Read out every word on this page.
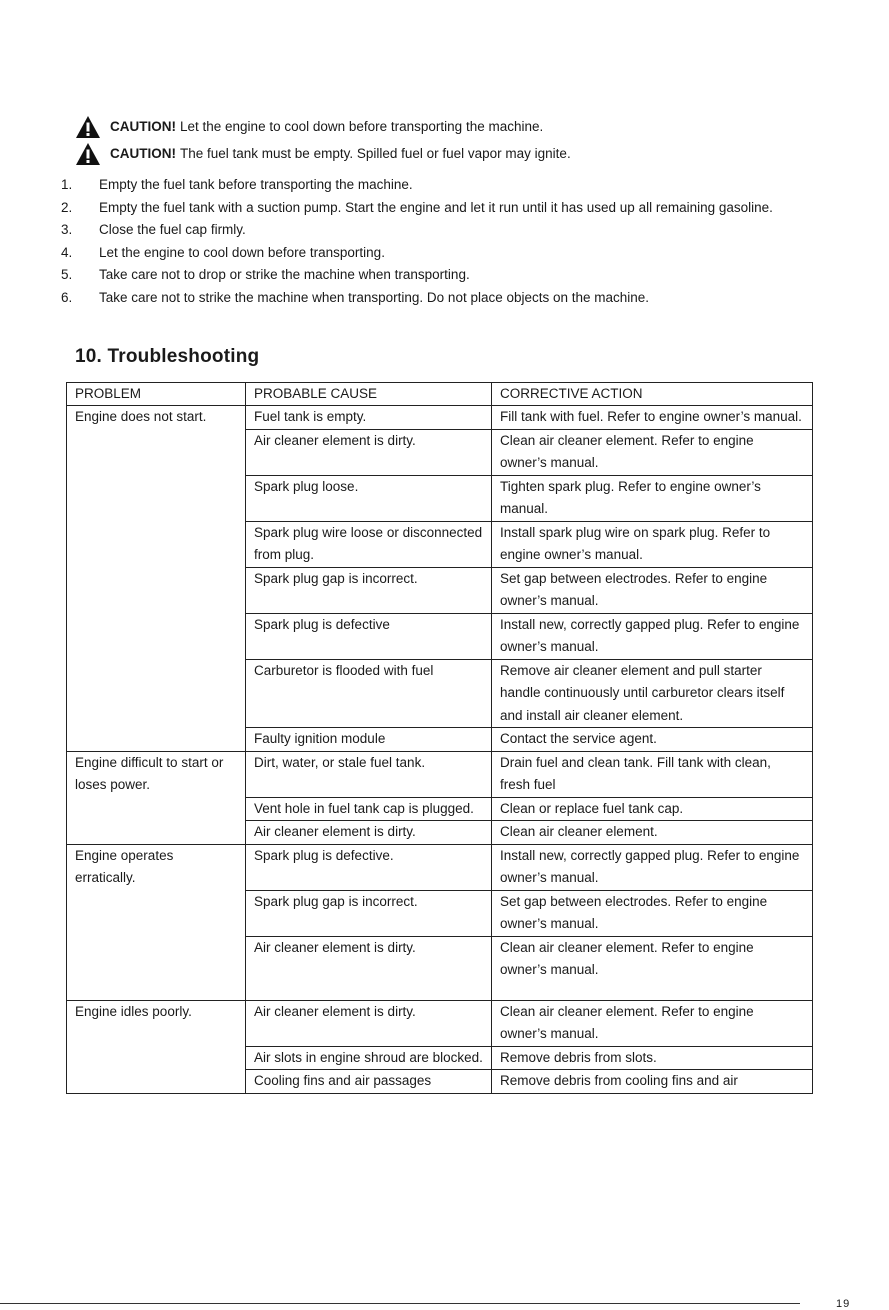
CAUTION! Let the engine to cool down before transporting the machine.
CAUTION! The fuel tank must be empty. Spilled fuel or fuel vapor may ignite.
1. Empty the fuel tank before transporting the machine.
2. Empty the fuel tank with a suction pump. Start the engine and let it run until it has used up all remaining gasoline.
3. Close the fuel cap firmly.
4. Let the engine to cool down before transporting.
5. Take care not to drop or strike the machine when transporting.
6. Take care not to strike the machine when transporting. Do not place objects on the machine.
10. Troubleshooting
PROBLEM	PROBABLE CAUSE	CORRECTIVE ACTION
Engine does not start.	Fuel tank is empty.	Fill tank with fuel. Refer to engine owner’s manual.
	Air cleaner element is dirty.	Clean air cleaner element. Refer to engine owner’s manual.
	Spark plug loose.	Tighten spark plug. Refer to engine owner’s manual.
	Spark plug wire loose or disconnected from plug.	Install spark plug wire on spark plug. Refer to engine owner’s manual.
	Spark plug gap is incorrect.	Set gap between electrodes. Refer to engine owner’s manual.
	Spark plug is defective	Install new, correctly gapped plug. Refer to engine owner’s manual.
	Carburetor is flooded with fuel	Remove air cleaner element and pull starter handle continuously until carburetor clears itself and install air cleaner element.
	Faulty ignition module	Contact the service agent.
Engine difficult to start or loses power.	Dirt, water, or stale fuel tank.	Drain fuel and clean tank. Fill tank with clean, fresh fuel
	Vent hole in fuel tank cap is plugged.	Clean or replace fuel tank cap.
	Air cleaner element is dirty.	Clean air cleaner element.
Engine operates erratically.	Spark plug is defective.	Install new, correctly gapped plug. Refer to engine owner’s manual.
	Spark plug gap is incorrect.	Set gap between electrodes. Refer to engine owner’s manual.
	Air cleaner element is dirty.	Clean air cleaner element. Refer to engine owner’s manual.
Engine idles poorly.	Air cleaner element is dirty.	Clean air cleaner element. Refer to engine owner’s manual.
	Air slots in engine shroud are blocked.	Remove debris from slots.
	Cooling fins and air passages	Remove debris from cooling fins and air
19
